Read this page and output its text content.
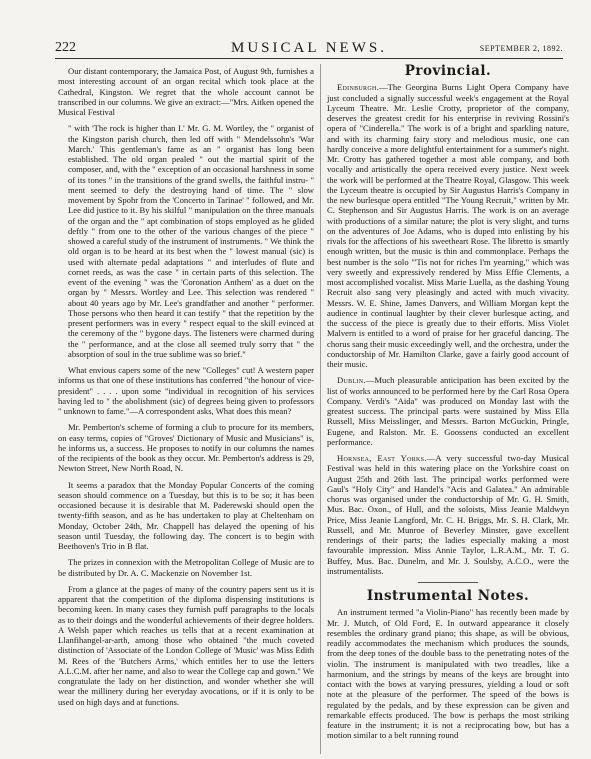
222	MUSICAL NEWS.	SEPTEMBER 2, 1892.

Our distant contemporary, the Jamaica Post, of August 9th, furnishes a most interesting account of an organ recital which took place at the Cathedral, Kingston. We regret that the whole account cannot be transcribed in our columns. We give an extract:—"Mrs. Aitken opened the Musical Festival

" with 'The rock is higher than I.' Mr. G. M. Wortley, the " organist of the Kingston parish church, then led off with " Mendelssohn's 'War March.' This gentleman's fame as an " organist has long been established. The old organ pealed " out the martial spirit of the composer, and, with the " exception of an occasional harshness in some of its tones " in the transitions of the grand swells, the faithful instru- " ment seemed to defy the destroying hand of time. The " slow movement by Spohr from the 'Concerto in Tarinae' " followed, and Mr. Lee did justice to it. By his skilful " manipulation on the three manuals of the organ and the " apt combination of stops employed as he glided deftly " from one to the other of the various changes of the piece " showed a careful study of the instrument of instruments. " We think the old organ is to be heard at its best when the " lowest manual (sic) is used with alternate pedal adaptations " and interludes of flute and cornet reeds, as was the case " in certain parts of this selection. The event of the evening " was the 'Coronation Anthem' as a duet on the organ by " Messrs. Wortley and Lee. This selection was rendered " about 40 years ago by Mr. Lee's grandfather and another " performer. Those persons who then heard it can testify " that the repetition by the present performers was in every " respect equal to the skill evinced at the ceremony of the " bygone days. The listeners were charmed during the " performance, and at the close all seemed truly sorry that " the absorption of soul in the true sublime was so brief."

What envious capers some of the new "Colleges" cut! A western paper informs us that one of these institutions has conferred "the honour of vice-president" . . . . upon some "individual in recognition of his services having led to " the abolishment (sic) of degrees being given to professors " unknown to fame."—A correspondent asks, What does this mean?

Mr. Pemberton's scheme of forming a club to procure for its members, on easy terms, copies of "Groves' Dictionary of Music and Musicians" is, he informs us, a success. He proposes to notify in our columns the names of the recipients of the book as they occur. Mr. Pemberton's address is 29, Newton Street, New North Road, N.

It seems a paradox that the Monday Popular Concerts of the coming season should commence on a Tuesday, but this is to be so; it has been occasioned because it is desirable that M. Paderewski should open the twenty-fifth season, and as he has undertaken to play at Cheltenham on Monday, October 24th, Mr. Chappell has delayed the opening of his season until Tuesday, the following day. The concert is to begin with Beethoven's Trio in B flat.

The prizes in connexion with the Metropolitan College of Music are to be distributed by Dr. A. C. Mackenzie on November 1st.

From a glance at the pages of many of the country papers sent us it is apparent that the competition of the diploma dispensing institutions is becoming keen. In many cases they furnish puff paragraphs to the locals as to their doings and the wonderful achievements of their degree holders. A Welsh paper which reaches us tells that at a recent examination at Llanfihangel-ar-arth, among those who obtained "the much coveted distinction of 'Associate of the London College of 'Music' was Miss Edith M. Rees of the 'Butchers Arms,' which entitles her to use the letters A.L.C.M. after her name, and also to wear the College cap and gown." We congratulate the lady on her distinction, and wonder whether she will wear the millinery during her everyday avocations, or if it is only to be used on high days and at functions.

Provincial.

Edinburgh.—The Georgina Burns Light Opera Company have just concluded a signally successful week's engagement at the Royal Lyceum Theatre. Mr. Leslie Crotty, proprietor of the company, deserves the greatest credit for his enterprise in reviving Rossini's opera of "Cinderella." The work is of a bright and sparkling nature, and with its charming fairy story and melodious music, one can hardly conceive a more delightful entertainment for a summer's night. Mr. Crotty has gathered together a most able company, and both vocally and artistically the opera received every justice. Next week the work will be performed at the Theatre Royal, Glasgow. This week the Lyceum theatre is occupied by Sir Augustus Harris's Company in the new burlesque opera entitled "The Young Recruit," written by Mr. C. Stephenson and Sir Augustus Harris. The work is on an average with productions of a similar nature; the plot is very slight, and turns on the adventures of Joe Adams, who is duped into enlisting by his rivals for the affections of his sweetheart Rose. The libretto is smartly enough written, but the music is thin and commonplace. Perhaps the best number is the solo "'Tis not for riches I'm yearning," which was very sweetly and expressively rendered by Miss Effie Clements, a most accomplished vocalist. Miss Marie Luella, as the dashing Young Recruit also sang very pleasingly and acted with much vivacity. Messrs. W. E. Shine, James Danvers, and William Morgan kept the audience in continual laughter by their clever burlesque acting, and the success of the piece is greatly due to their efforts. Miss Violet Malvern is entitled to a word of praise for her graceful dancing. The chorus sang their music exceedingly well, and the orchestra, under the conductorship of Mr. Hamilton Clarke, gave a fairly good account of their music.

Dublin.—Much pleasurable anticipation has been excited by the list of works announced to be performed here by the Carl Rosa Opera Company. Verdi's "Aida" was produced on Monday last with the greatest success. The principal parts were sustained by Miss Ella Russell, Miss Meisslinger, and Messrs. Barton McGuckin, Pringle, Eugene, and Ralston. Mr. E. Goossens conducted an excellent performance.

Hornsea, East Yorks.—A very successful two-day Musical Festival was held in this watering place on the Yorkshire coast on August 25th and 26th last. The principal works performed were Gaul's "Holy City" and Handel's "Acis and Galatea." An admirable chorus was organised under the conductorship of Mr. G. H. Smith, Mus. Bac. Oxon., of Hull, and the soloists, Miss Jeanie Maldwyn Price, Miss Jeanie Langford, Mr. C. H. Briggs, Mr. S. H. Clark, Mr. Russell, and Mr. Munroe of Beverley Minster, gave excellent renderings of their parts; the ladies especially making a most favourable impression. Miss Annie Taylor, L.R.A.M., Mr. T. G. Buffey, Mus. Bac. Dunelm, and Mr. J. Soulsby, A.C.O., were the instrumentalists.

Instrumental Notes.

An instrument termed "a Violin-Piano" has recently been made by Mr. J. Mutch, of Old Ford, E. In outward appearance it closely resembles the ordinary grand piano; this shape, as will be obvious, readily accommodates the mechanism which produces the sounds, from the deep tones of the double bass to the penetrating notes of the violin. The instrument is manipulated with two treadles, like a harmonium, and the strings by means of the keys are brought into contact with the bows at varying pressures, yielding a loud or soft note at the pleasure of the performer. The speed of the bows is regulated by the pedals, and by these expression can be given and remarkable effects produced. The bow is perhaps the most striking feature in the instrument; it is not a reciprocating bow, but has a motion similar to a belt running round
